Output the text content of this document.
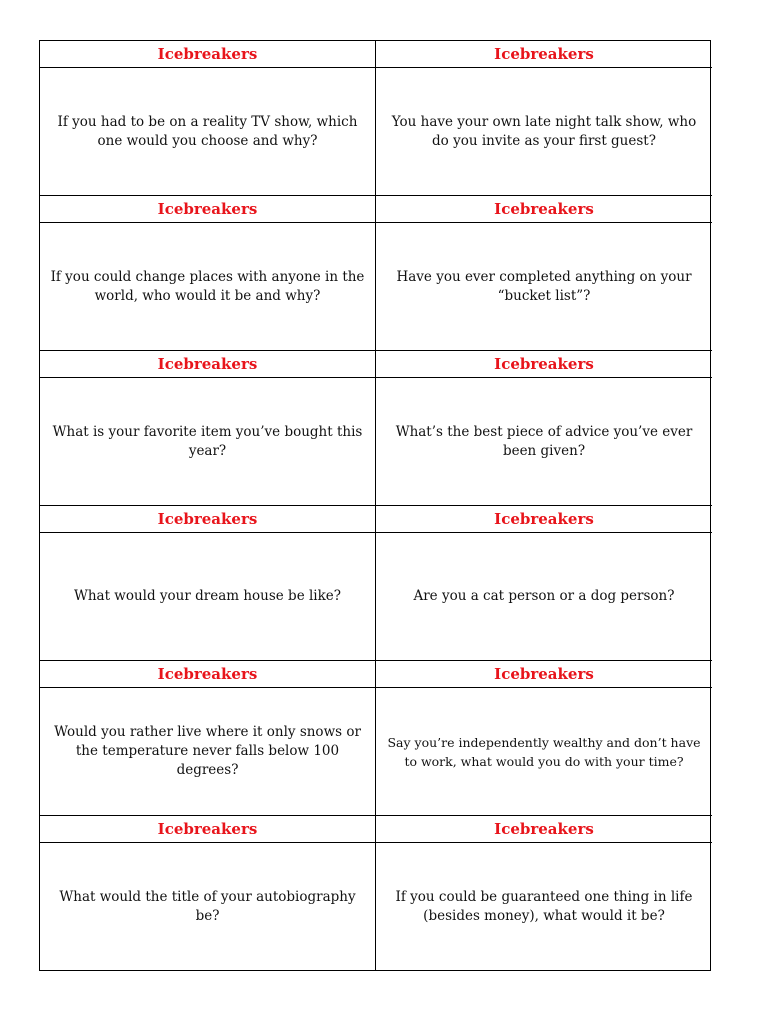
Icebreakers
If you had to be on a reality TV show, which one would you choose and why?
Icebreakers
You have your own late night talk show, who do you invite as your first guest?
Icebreakers
If you could change places with anyone in the world, who would it be and why?
Icebreakers
Have you ever completed anything on your “bucket list”?
Icebreakers
What is your favorite item you’ve bought this year?
Icebreakers
What’s the best piece of advice you’ve ever been given?
Icebreakers
What would your dream house be like?
Icebreakers
Are you a cat person or a dog person?
Icebreakers
Would you rather live where it only snows or the temperature never falls below 100 degrees?
Icebreakers
Say you’re independently wealthy and don’t have to work, what would you do with your time?
Icebreakers
What would the title of your autobiography be?
Icebreakers
If you could be guaranteed one thing in life (besides money), what would it be?
